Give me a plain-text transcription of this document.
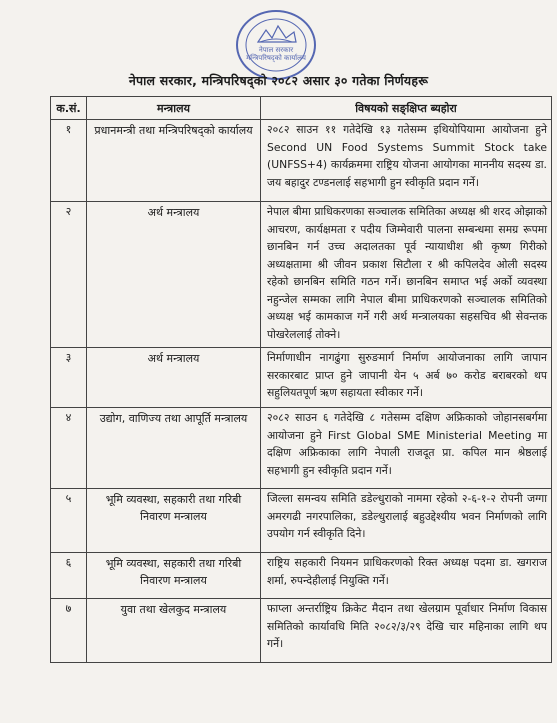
नेपाल सरकार मन्त्रिपरिषद्को कार्यालय
नेपाल सरकार, मन्त्रिपरिषद्को २०८२ असार ३० गतेका निर्णयहरू
क.सं.	मन्त्रालय	विषयको सङ्क्षिप्त ब्यहोरा
१	प्रधानमन्त्री तथा मन्त्रिपरिषद्को कार्यालय	२०८२ साउन ११ गतेदेखि १३ गतेसम्म इथियोपियामा आयोजना हुने Second UN Food Systems Summit Stock take (UNFSS+4) कार्यक्रममा राष्ट्रिय योजना आयोगका माननीय सदस्य डा. जय बहादुर टण्डनलाई सहभागी हुन स्वीकृति प्रदान गर्ने।
२	अर्थ मन्त्रालय	नेपाल बीमा प्राधिकरणका सञ्चालक समितिका अध्यक्ष श्री शरद ओझाको आचरण, कार्यक्षमता र पदीय जिम्मेवारी पालना सम्बन्धमा समग्र रूपमा छानबिन गर्न उच्च अदालतका पूर्व न्यायाधीश श्री कृष्ण गिरीको अध्यक्षतामा श्री जीवन प्रकाश सिटौला र श्री कपिलदेव ओली सदस्य रहेको छानबिन समिति गठन गर्ने। छानबिन समाप्त भई अर्को व्यवस्था नहुन्जेल सम्मका लागि नेपाल बीमा प्राधिकरणको सञ्चालक समितिको अध्यक्ष भई कामकाज गर्ने गरी अर्थ मन्त्रालयका सहसचिव श्री सेवन्तक पोखरेललाई तोक्ने।
३	अर्थ मन्त्रालय	निर्माणाधीन नागढुंगा सुरुङमार्ग निर्माण आयोजनाका लागि जापान सरकारबाट प्राप्त हुने जापानी येन ५ अर्ब ७० करोड बराबरको थप सहुलियतपूर्ण ऋण सहायता स्वीकार गर्ने।
४	उद्योग, वाणिज्य तथा आपूर्ति मन्त्रालय	२०८२ साउन ६ गतेदेखि ८ गतेसम्म दक्षिण अफ्रिकाको जोहानसबर्गमा आयोजना हुने First Global SME Ministerial Meeting मा दक्षिण अफ्रिकाका लागि नेपाली राजदूत प्रा. कपिल मान श्रेष्ठलाई सहभागी हुन स्वीकृति प्रदान गर्ने।
५	भूमि व्यवस्था, सहकारी तथा गरिबी निवारण मन्त्रालय	जिल्ला समन्वय समिति डडेल्धुराको नाममा रहेको २-६-१-२ रोपनी जग्गा अमरगढी नगरपालिका, डडेल्धुरालाई बहुउद्देश्यीय भवन निर्माणको लागि उपयोग गर्न स्वीकृति दिने।
६	भूमि व्यवस्था, सहकारी तथा गरिबी निवारण मन्त्रालय	राष्ट्रिय सहकारी नियमन प्राधिकरणको रिक्त अध्यक्ष पदमा डा. खगराज शर्मा, रुपन्देहीलाई नियुक्ति गर्ने।
७	युवा तथा खेलकुद मन्त्रालय	फाप्ला अन्तर्राष्ट्रिय क्रिकेट मैदान तथा खेलग्राम पूर्वाधार निर्माण विकास समितिको कार्यावधि मिति २०८२/३/२९ देखि चार महिनाका लागि थप गर्ने।
